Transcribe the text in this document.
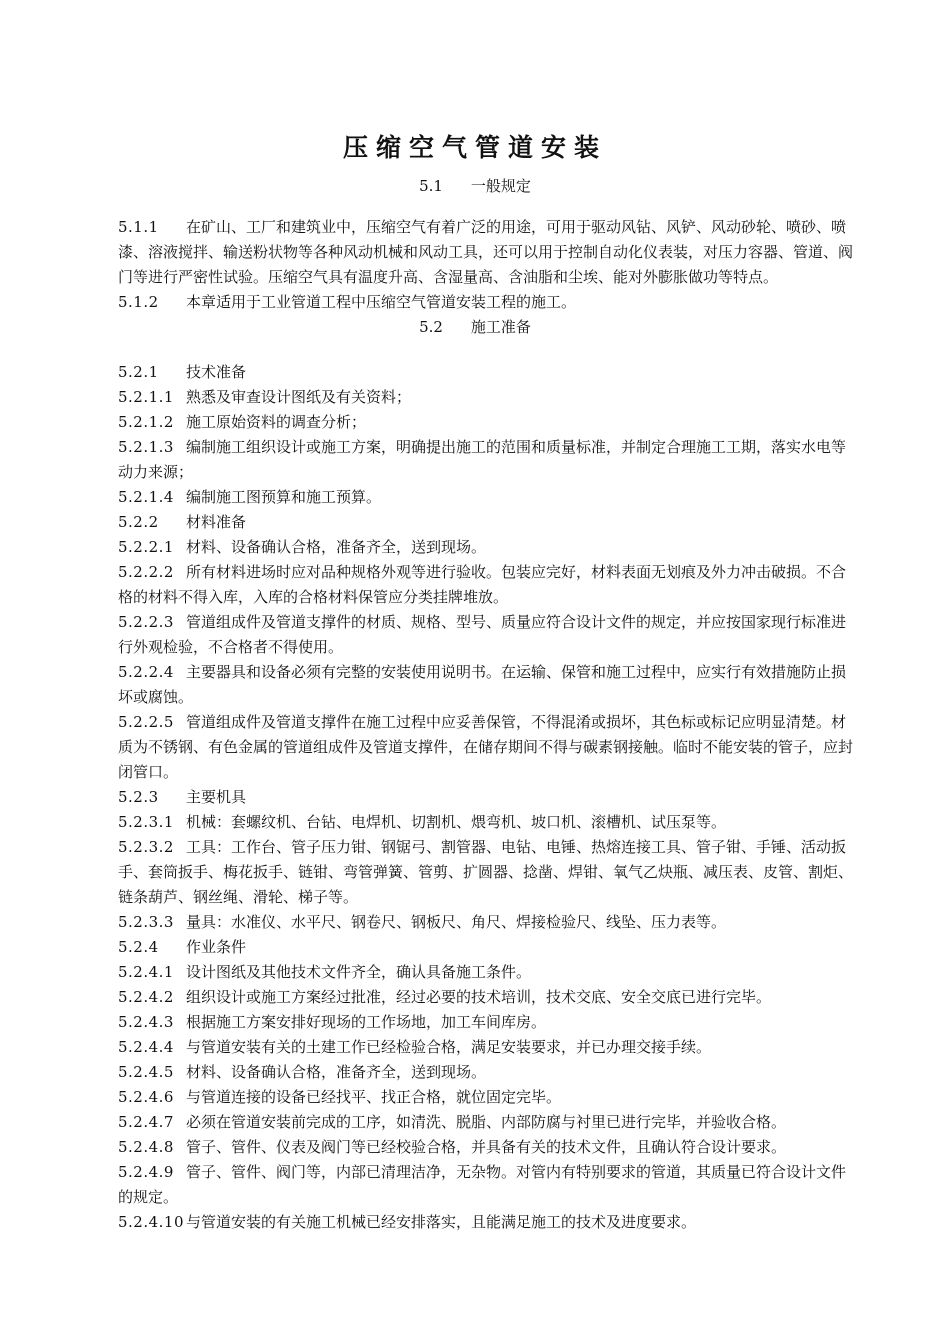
压缩空气管道安装
5.1 一般规定

5.1.1 在矿山、工厂和建筑业中，压缩空气有着广泛的用途，可用于驱动风钻、风铲、风动砂轮、喷砂、喷漆、溶液搅拌、输送粉状物等各种风动机械和风动工具，还可以用于控制自动化仪表装，对压力容器、管道、阀门等进行严密性试验。压缩空气具有温度升高、含湿量高、含油脂和尘埃、能对外膨胀做功等特点。

5.1.2 本章适用于工业管道工程中压缩空气管道安装工程的施工。

5.2 施工准备

5.2.1 技术准备

5.2.1.1 熟悉及审查设计图纸及有关资料；

5.2.1.2 施工原始资料的调查分析；

5.2.1.3 编制施工组织设计或施工方案，明确提出施工的范围和质量标准，并制定合理施工工期，落实水电等动力来源；

5.2.1.4 编制施工图预算和施工预算。

5.2.2 材料准备

5.2.2.1 材料、设备确认合格，准备齐全，送到现场。

5.2.2.2 所有材料进场时应对品种规格外观等进行验收。包装应完好，材料表面无划痕及外力冲击破损。不合格的材料不得入库，入库的合格材料保管应分类挂牌堆放。

5.2.2.3 管道组成件及管道支撑件的材质、规格、型号、质量应符合设计文件的规定，并应按国家现行标准进行外观检验，不合格者不得使用。

5.2.2.4 主要器具和设备必须有完整的安装使用说明书。在运输、保管和施工过程中，应实行有效措施防止损坏或腐蚀。

5.2.2.5 管道组成件及管道支撑件在施工过程中应妥善保管，不得混淆或损坏，其色标或标记应明显清楚。材质为不锈钢、有色金属的管道组成件及管道支撑件，在储存期间不得与碳素钢接触。临时不能安装的管子，应封闭管口。

5.2.3 主要机具

5.2.3.1 机械：套螺纹机、台钻、电焊机、切割机、煨弯机、坡口机、滚槽机、试压泵等。

5.2.3.2 工具：工作台、管子压力钳、钢锯弓、割管器、电钻、电锤、热熔连接工具、管子钳、手锤、活动扳手、套筒扳手、梅花扳手、链钳、弯管弹簧、管剪、扩圆器、捻凿、焊钳、氧气乙炔瓶、减压表、皮管、割炬、链条葫芦、钢丝绳、滑轮、梯子等。

5.2.3.3 量具：水准仪、水平尺、钢卷尺、钢板尺、角尺、焊接检验尺、线坠、压力表等。

5.2.4 作业条件

5.2.4.1 设计图纸及其他技术文件齐全，确认具备施工条件。

5.2.4.2 组织设计或施工方案经过批准，经过必要的技术培训，技术交底、安全交底已进行完毕。

5.2.4.3 根据施工方案安排好现场的工作场地，加工车间库房。

5.2.4.4 与管道安装有关的土建工作已经检验合格，满足安装要求，并已办理交接手续。

5.2.4.5 材料、设备确认合格，准备齐全，送到现场。

5.2.4.6 与管道连接的设备已经找平、找正合格，就位固定完毕。

5.2.4.7 必须在管道安装前完成的工序，如清洗、脱脂、内部防腐与衬里已进行完毕，并验收合格。

5.2.4.8 管子、管件、仪表及阀门等已经校验合格，并具备有关的技术文件，且确认符合设计要求。

5.2.4.9 管子、管件、阀门等，内部已清理洁净，无杂物。对管内有特别要求的管道，其质量已符合设计文件的规定。

5.2.4.10 与管道安装的有关施工机械已经安排落实，且能满足施工的技术及进度要求。
